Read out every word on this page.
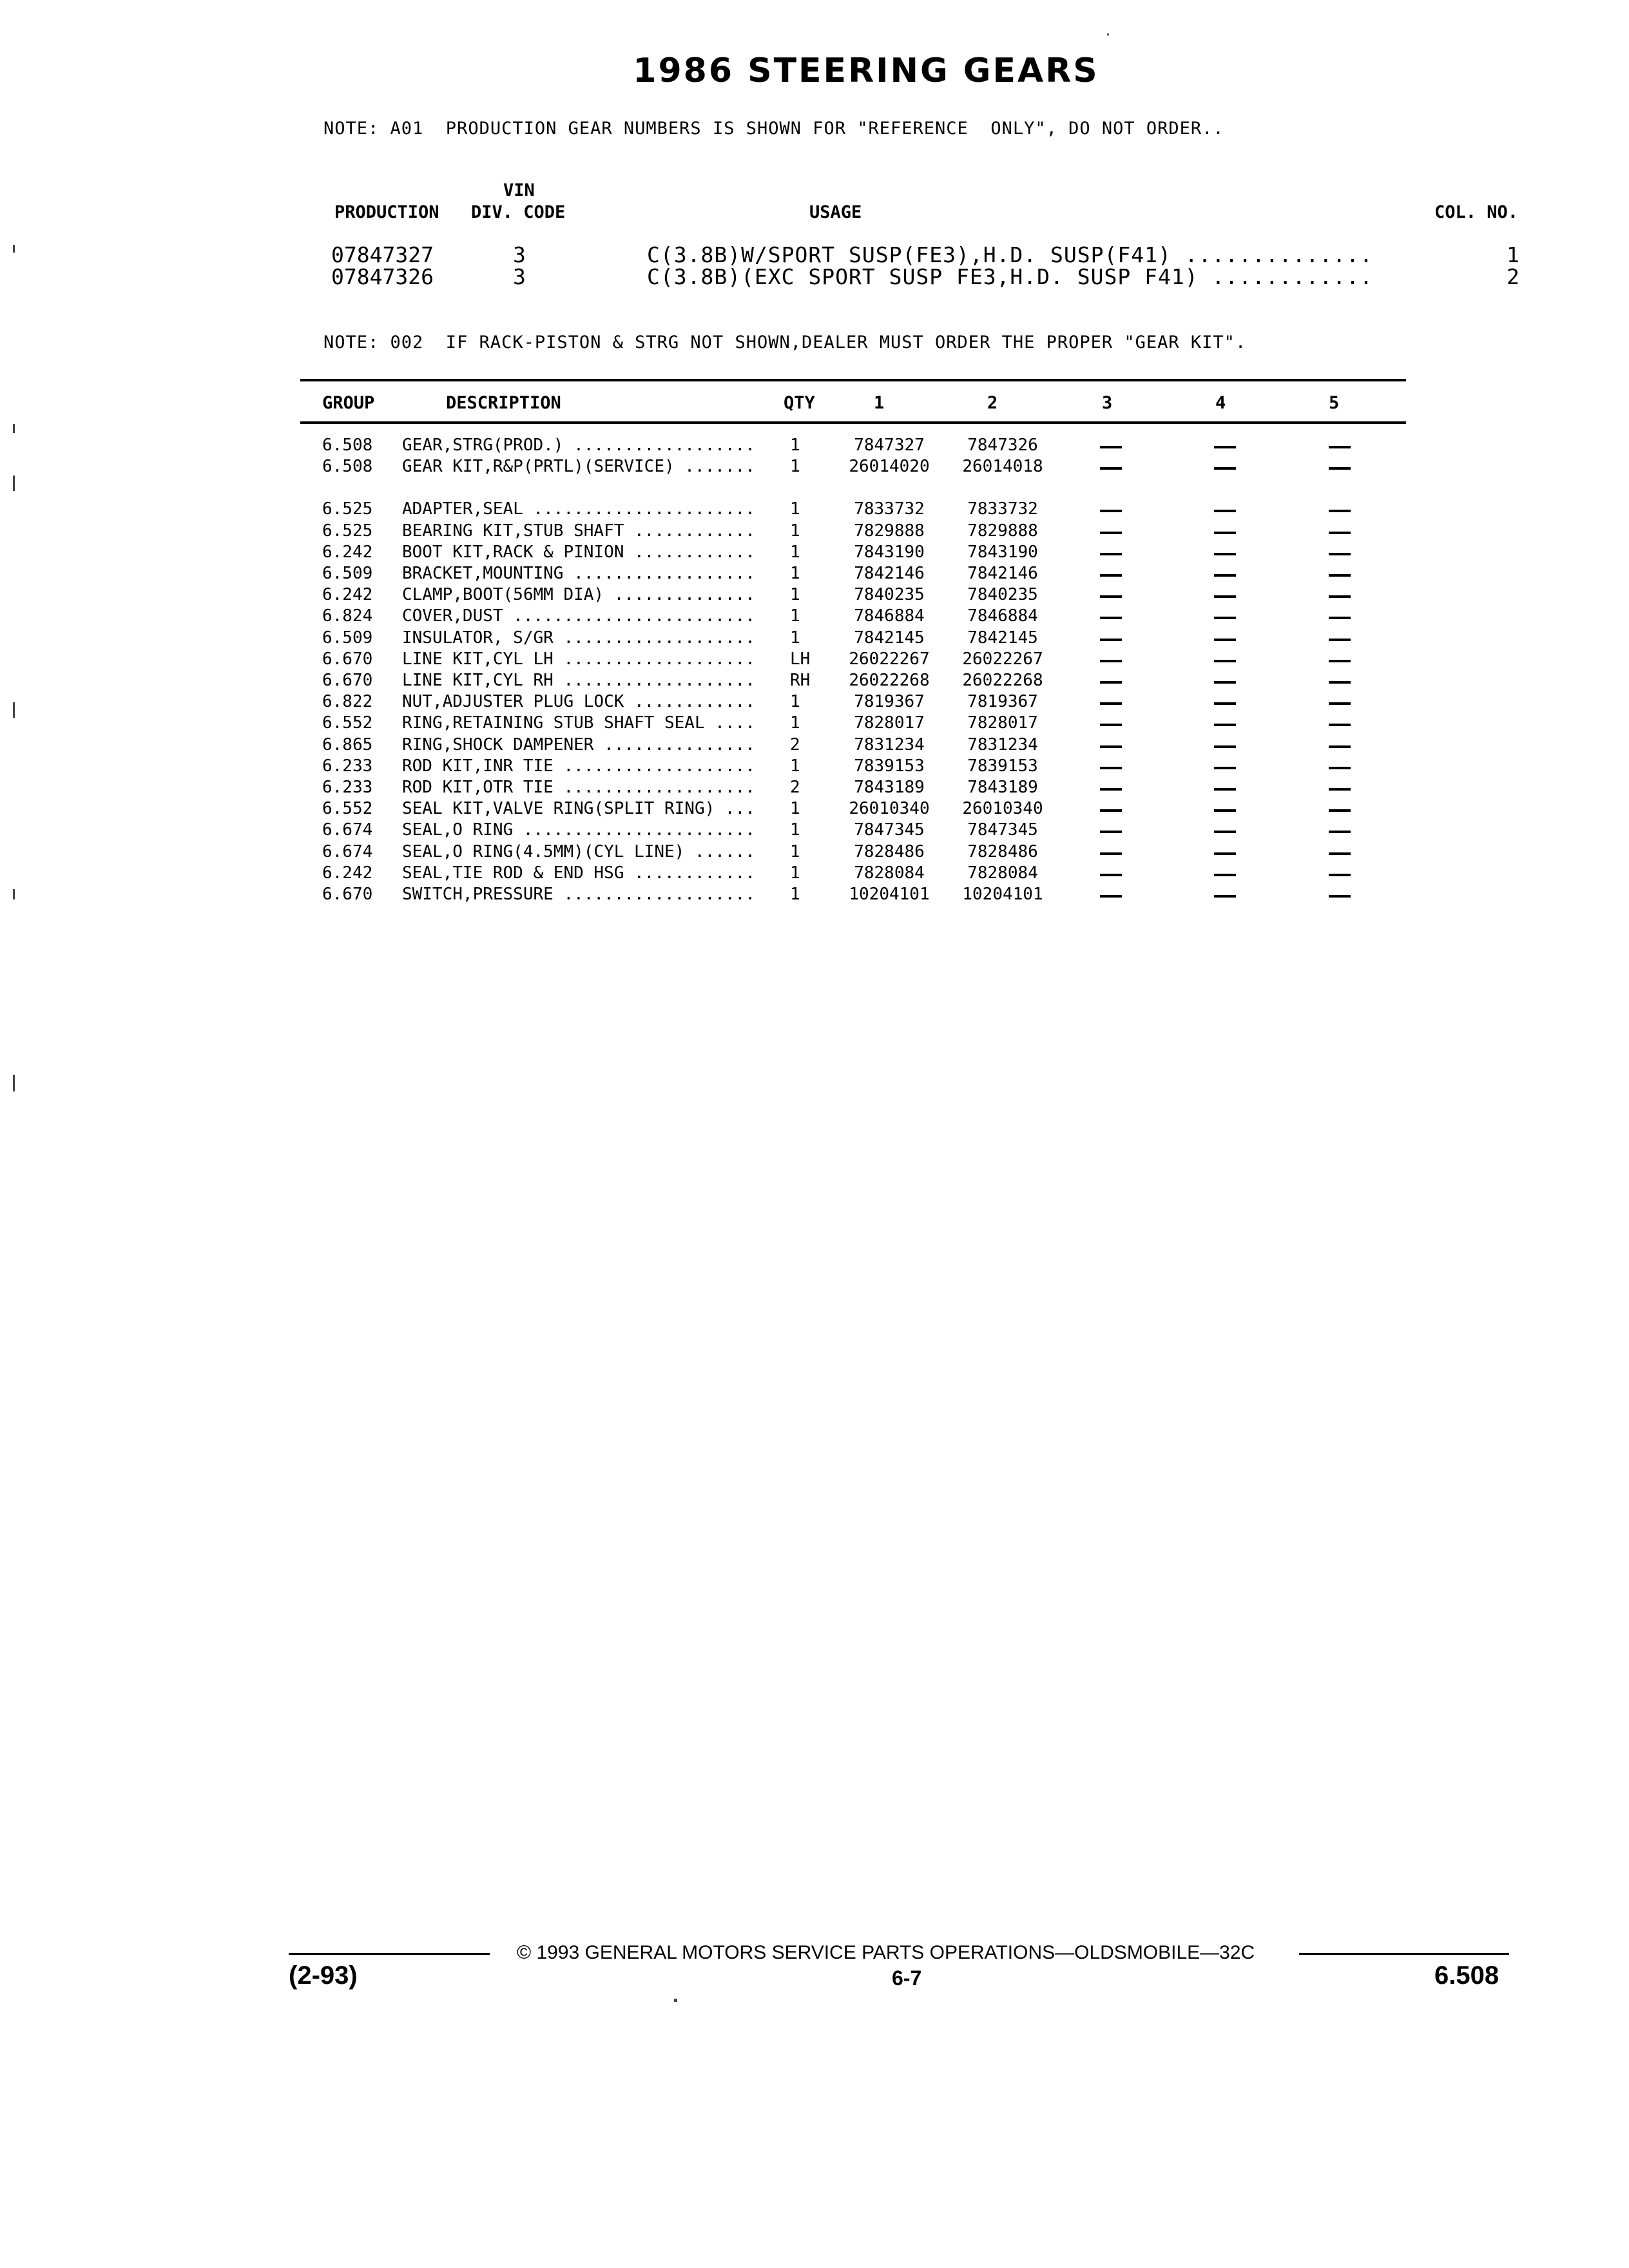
1986 STEERING GEARS
NOTE: A01  PRODUCTION GEAR NUMBERS IS SHOWN FOR "REFERENCE  ONLY", DO NOT ORDER..
VIN
PRODUCTION DIV. CODE	USAGE	COL. NO.
07847327	3	C(3.8B)W/SPORT SUSP(FE3),H.D. SUSP(F41) ..............	1
07847326	3	C(3.8B)(EXC SPORT SUSP FE3,H.D. SUSP F41) ............	2
NOTE: 002  IF RACK-PISTON & STRG NOT SHOWN,DEALER MUST ORDER THE PROPER "GEAR KIT".
GROUP	DESCRIPTION	QTY	1	2	3	4	5
6.508 GEAR,STRG(PROD.) ..................	1	7847327	7847326
6.508 GEAR KIT,R&P(PRTL)(SERVICE) .......	1	26014020	26014018
6.525 ADAPTER,SEAL ......................	1	7833732	7833732
6.525 BEARING KIT,STUB SHAFT ............	1	7829888	7829888
6.242 BOOT KIT,RACK & PINION ............	1	7843190	7843190
6.509 BRACKET,MOUNTING ..................	1	7842146	7842146
6.242 CLAMP,BOOT(56MM DIA) ..............	1	7840235	7840235
6.824 COVER,DUST ........................	1	7846884	7846884
6.509 INSULATOR, S/GR ...................	1	7842145	7842145
6.670 LINE KIT,CYL LH ...................	LH	26022267	26022267
6.670 LINE KIT,CYL RH ...................	RH	26022268	26022268
6.822 NUT,ADJUSTER PLUG LOCK ............	1	7819367	7819367
6.552 RING,RETAINING STUB SHAFT SEAL ....	1	7828017	7828017
6.865 RING,SHOCK DAMPENER ...............	2	7831234	7831234
6.233 ROD KIT,INR TIE ...................	1	7839153	7839153
6.233 ROD KIT,OTR TIE ...................	2	7843189	7843189
6.552 SEAL KIT,VALVE RING(SPLIT RING) ...	1	26010340	26010340
6.674 SEAL,O RING .......................	1	7847345	7847345
6.674 SEAL,O RING(4.5MM)(CYL LINE) ......	1	7828486	7828486
6.242 SEAL,TIE ROD & END HSG ............	1	7828084	7828084
6.670 SWITCH,PRESSURE ...................	1	10204101	10204101
© 1993 GENERAL MOTORS SERVICE PARTS OPERATIONS—OLDSMOBILE—32C
(2-93)	6-7	6.508
